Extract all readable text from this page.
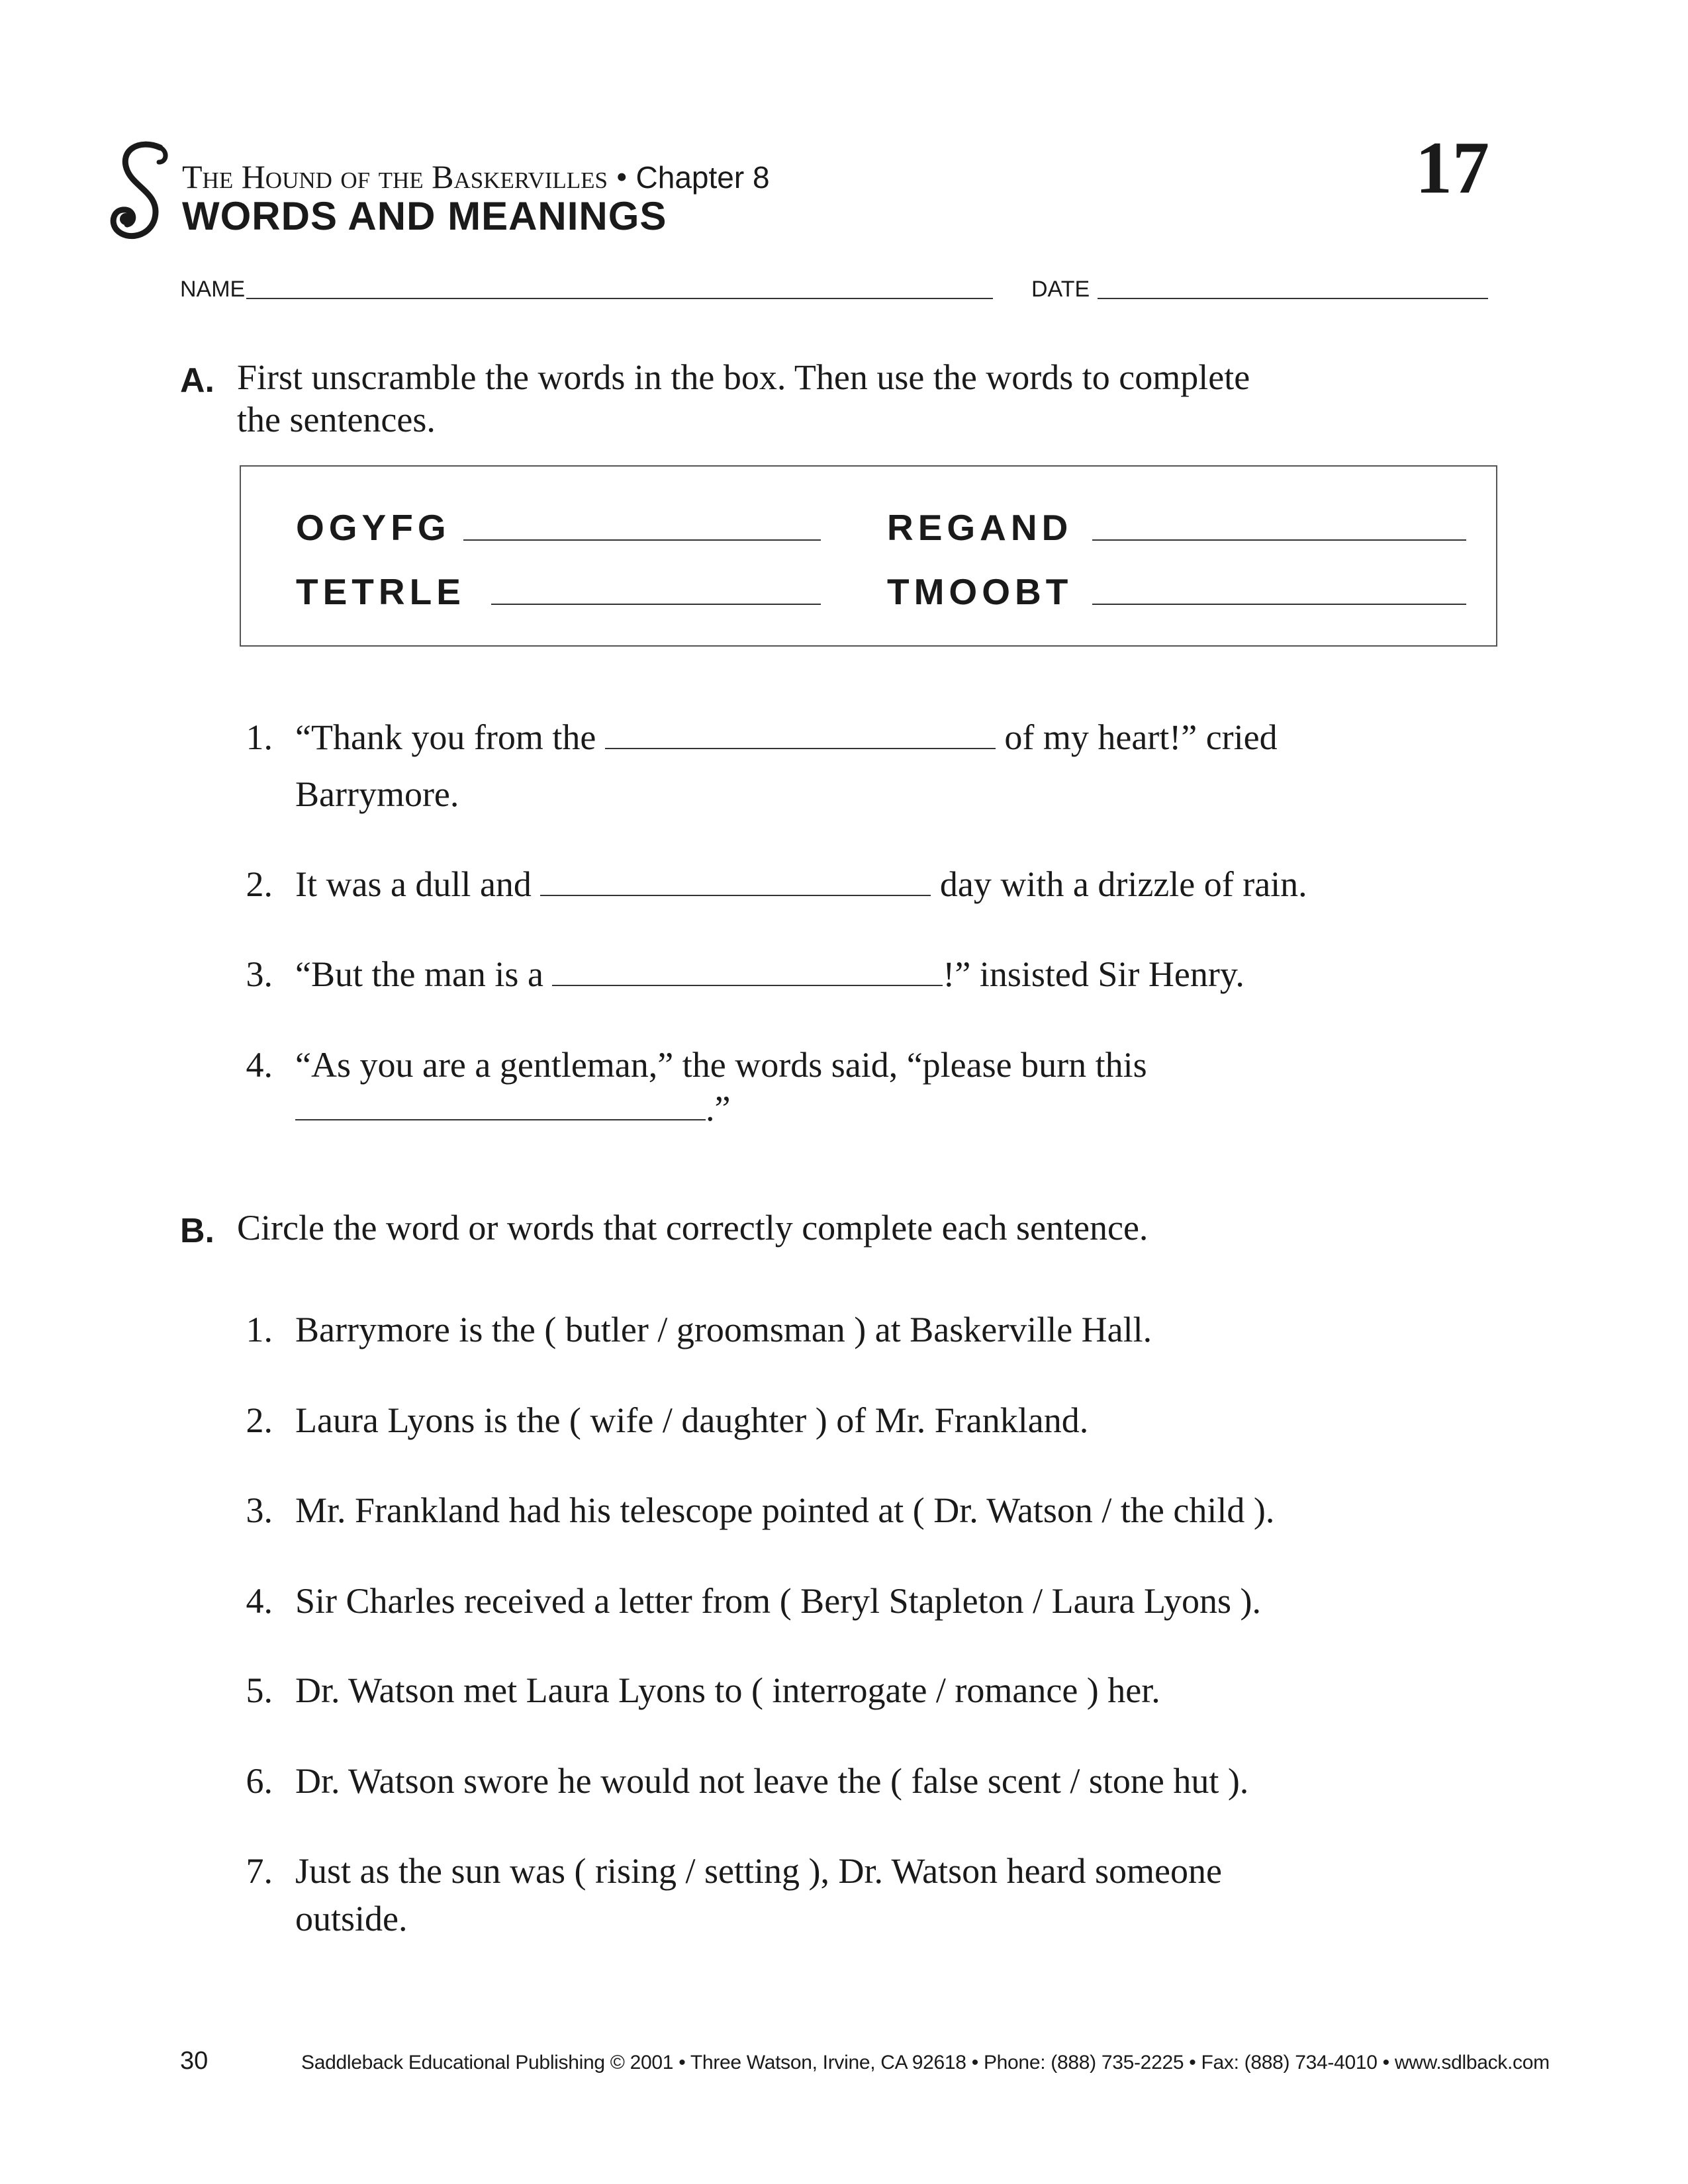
The Hound of the Baskervilles • Chapter 8
WORDS AND MEANINGS
17
NAME	DATE
A. First unscramble the words in the box. Then use the words to complete
the sentences.
OGYFG	REGAND
TETRLE	TMOOBT
1. “Thank you from the	of my heart!” cried
Barrymore.
2. It was a dull and	day with a drizzle of rain.
3. “But the man is a	!” insisted Sir Henry.
4. “As you are a gentleman,” the words said, “please burn this
.”
B. Circle the word or words that correctly complete each sentence.
1. Barrymore is the ( butler / groomsman ) at Baskerville Hall.
2. Laura Lyons is the ( wife / daughter ) of Mr. Frankland.
3. Mr. Frankland had his telescope pointed at ( Dr. Watson / the child ).
4. Sir Charles received a letter from ( Beryl Stapleton / Laura Lyons ).
5. Dr. Watson met Laura Lyons to ( interrogate / romance ) her.
6. Dr. Watson swore he would not leave the ( false scent / stone hut ).
7. Just as the sun was ( rising / setting ), Dr. Watson heard someone
outside.
30	Saddleback Educational Publishing © 2001 • Three Watson, Irvine, CA 92618 • Phone: (888) 735-2225 • Fax: (888) 734-4010 • www.sdlback.com
